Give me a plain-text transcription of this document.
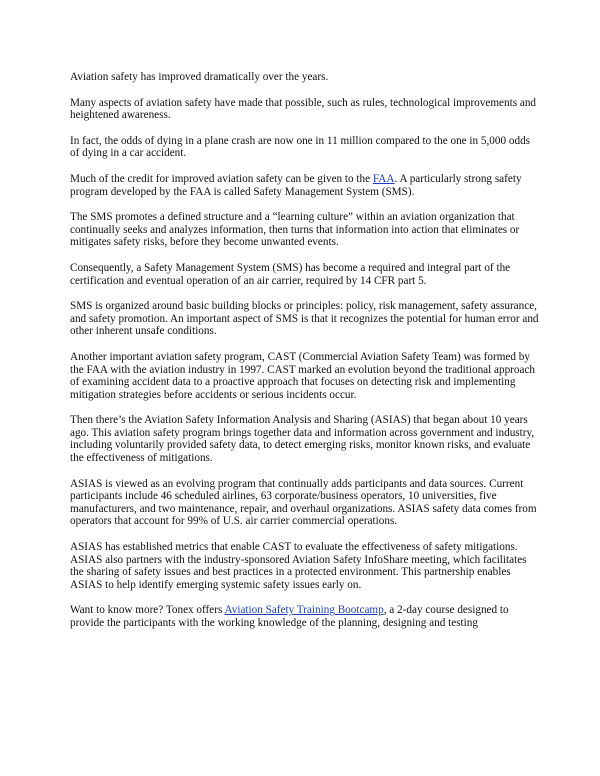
Aviation safety has improved dramatically over the years.

Many aspects of aviation safety have made that possible, such as rules, technological improvements and heightened awareness.

In fact, the odds of dying in a plane crash are now one in 11 million compared to the one in 5,000 odds of dying in a car accident.

Much of the credit for improved aviation safety can be given to the FAA. A particularly strong safety program developed by the FAA is called Safety Management System (SMS).

The SMS promotes a defined structure and a “learning culture” within an aviation organization that continually seeks and analyzes information, then turns that information into action that eliminates or mitigates safety risks, before they become unwanted events.

Consequently, a Safety Management System (SMS) has become a required and integral part of the certification and eventual operation of an air carrier, required by 14 CFR part 5.

SMS is organized around basic building blocks or principles: policy, risk management, safety assurance, and safety promotion. An important aspect of SMS is that it recognizes the potential for human error and other inherent unsafe conditions.

Another important aviation safety program, CAST (Commercial Aviation Safety Team) was formed by the FAA with the aviation industry in 1997. CAST marked an evolution beyond the traditional approach of examining accident data to a proactive approach that focuses on detecting risk and implementing mitigation strategies before accidents or serious incidents occur.

Then there’s the Aviation Safety Information Analysis and Sharing (ASIAS) that began about 10 years ago. This aviation safety program brings together data and information across government and industry, including voluntarily provided safety data, to detect emerging risks, monitor known risks, and evaluate the effectiveness of mitigations.

ASIAS is viewed as an evolving program that continually adds participants and data sources. Current participants include 46 scheduled airlines, 63 corporate/business operators, 10 universities, five manufacturers, and two maintenance, repair, and overhaul organizations. ASIAS safety data comes from operators that account for 99% of U.S. air carrier commercial operations.

ASIAS has established metrics that enable CAST to evaluate the effectiveness of safety mitigations. ASIAS also partners with the industry-sponsored Aviation Safety InfoShare meeting, which facilitates the sharing of safety issues and best practices in a protected environment. This partnership enables ASIAS to help identify emerging systemic safety issues early on.

Want to know more? Tonex offers Aviation Safety Training Bootcamp, a 2-day course designed to provide the participants with the working knowledge of the planning, designing and testing
